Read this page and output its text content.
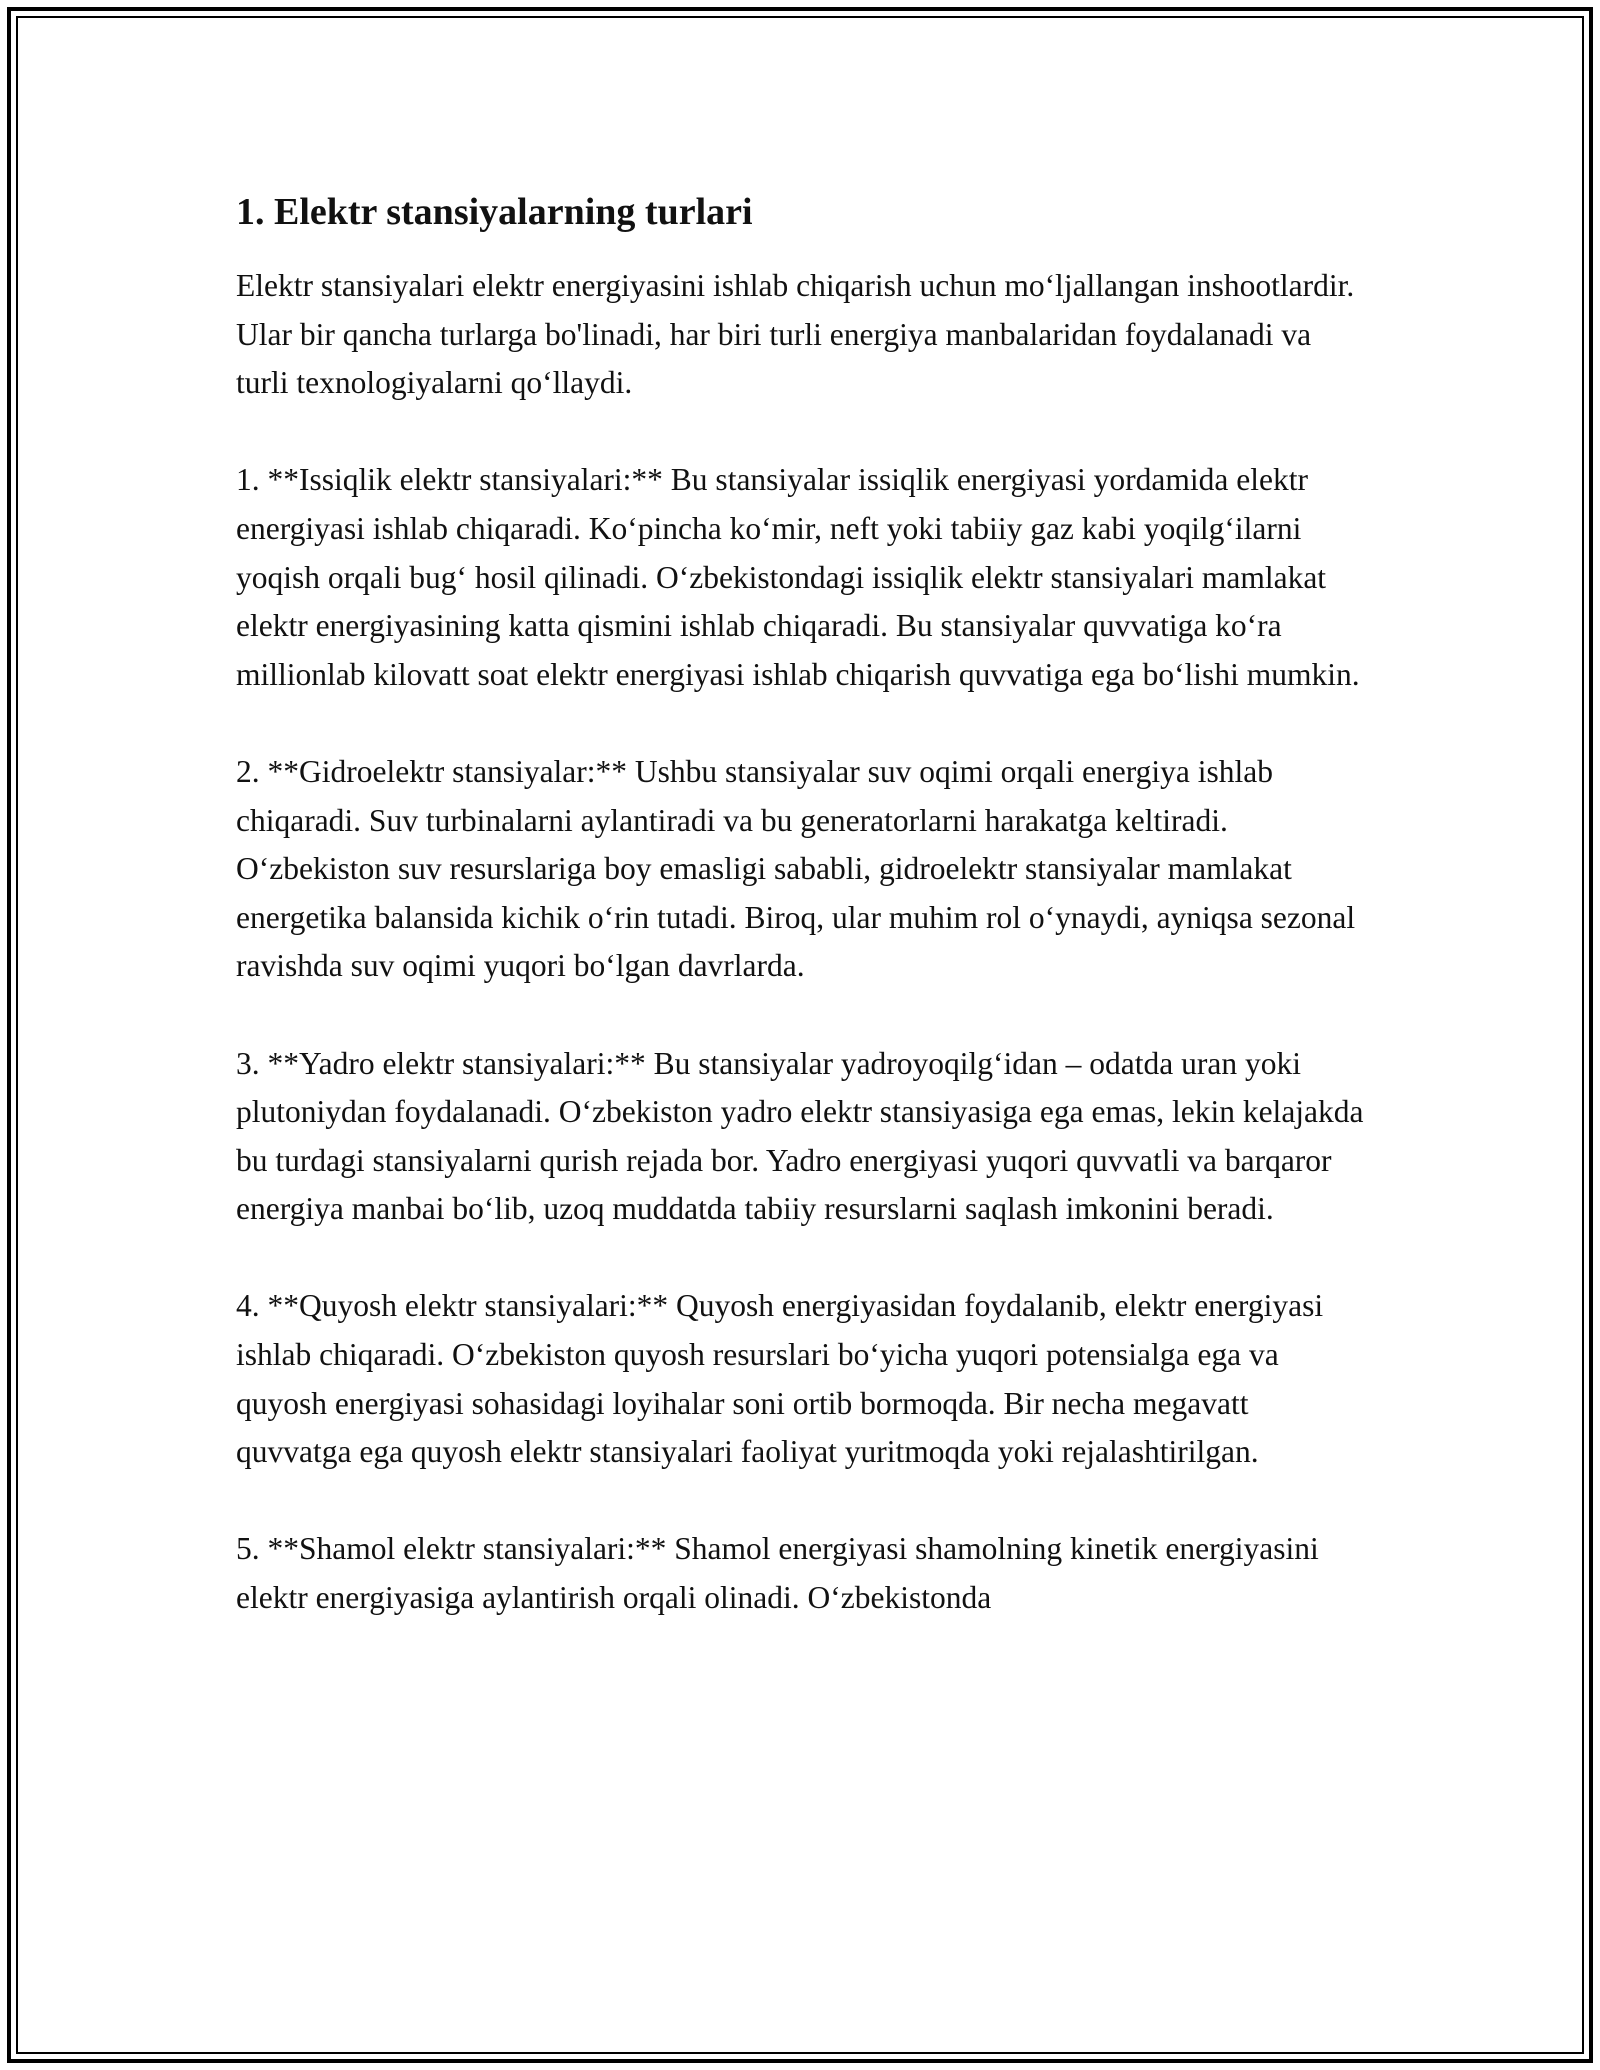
1. Elektr stansiyalarning turlari

Elektr stansiyalari elektr energiyasini ishlab chiqarish uchun mo‘ljallangan inshootlardir. Ular bir qancha turlarga bo'linadi, har biri turli energiya manbalaridan foydalanadi va turli texnologiyalarni qo‘llaydi.

1. **Issiqlik elektr stansiyalari:** Bu stansiyalar issiqlik energiyasi yordamida elektr energiyasi ishlab chiqaradi. Ko‘pincha ko‘mir, neft yoki tabiiy gaz kabi yoqilg‘ilarni yoqish orqali bug‘ hosil qilinadi. O‘zbekistondagi issiqlik elektr stansiyalari mamlakat elektr energiyasining katta qismini ishlab chiqaradi. Bu stansiyalar quvvatiga ko‘ra millionlab kilovatt soat elektr energiyasi ishlab chiqarish quvvatiga ega bo‘lishi mumkin.

2. **Gidroelektr stansiyalar:** Ushbu stansiyalar suv oqimi orqali energiya ishlab chiqaradi. Suv turbinalarni aylantiradi va bu generatorlarni harakatga keltiradi. O‘zbekiston suv resurslariga boy emasligi sababli, gidroelektr stansiyalar mamlakat energetika balansida kichik o‘rin tutadi. Biroq, ular muhim rol o‘ynaydi, ayniqsa sezonal ravishda suv oqimi yuqori bo‘lgan davrlarda.

3. **Yadro elektr stansiyalari:** Bu stansiyalar yadroyoqilg‘idan – odatda uran yoki plutoniydan foydalanadi. O‘zbekiston yadro elektr stansiyasiga ega emas, lekin kelajakda bu turdagi stansiyalarni qurish rejada bor. Yadro energiyasi yuqori quvvatli va barqaror energiya manbai bo‘lib, uzoq muddatda tabiiy resurslarni saqlash imkonini beradi.

4. **Quyosh elektr stansiyalari:** Quyosh energiyasidan foydalanib, elektr energiyasi ishlab chiqaradi. O‘zbekiston quyosh resurslari bo‘yicha yuqori potensialga ega va quyosh energiyasi sohasidagi loyihalar soni ortib bormoqda. Bir necha megavatt quvvatga ega quyosh elektr stansiyalari faoliyat yuritmoqda yoki rejalashtirilgan.

5. **Shamol elektr stansiyalari:** Shamol energiyasi shamolning kinetik energiyasini elektr energiyasiga aylantirish orqali olinadi. O‘zbekistonda
